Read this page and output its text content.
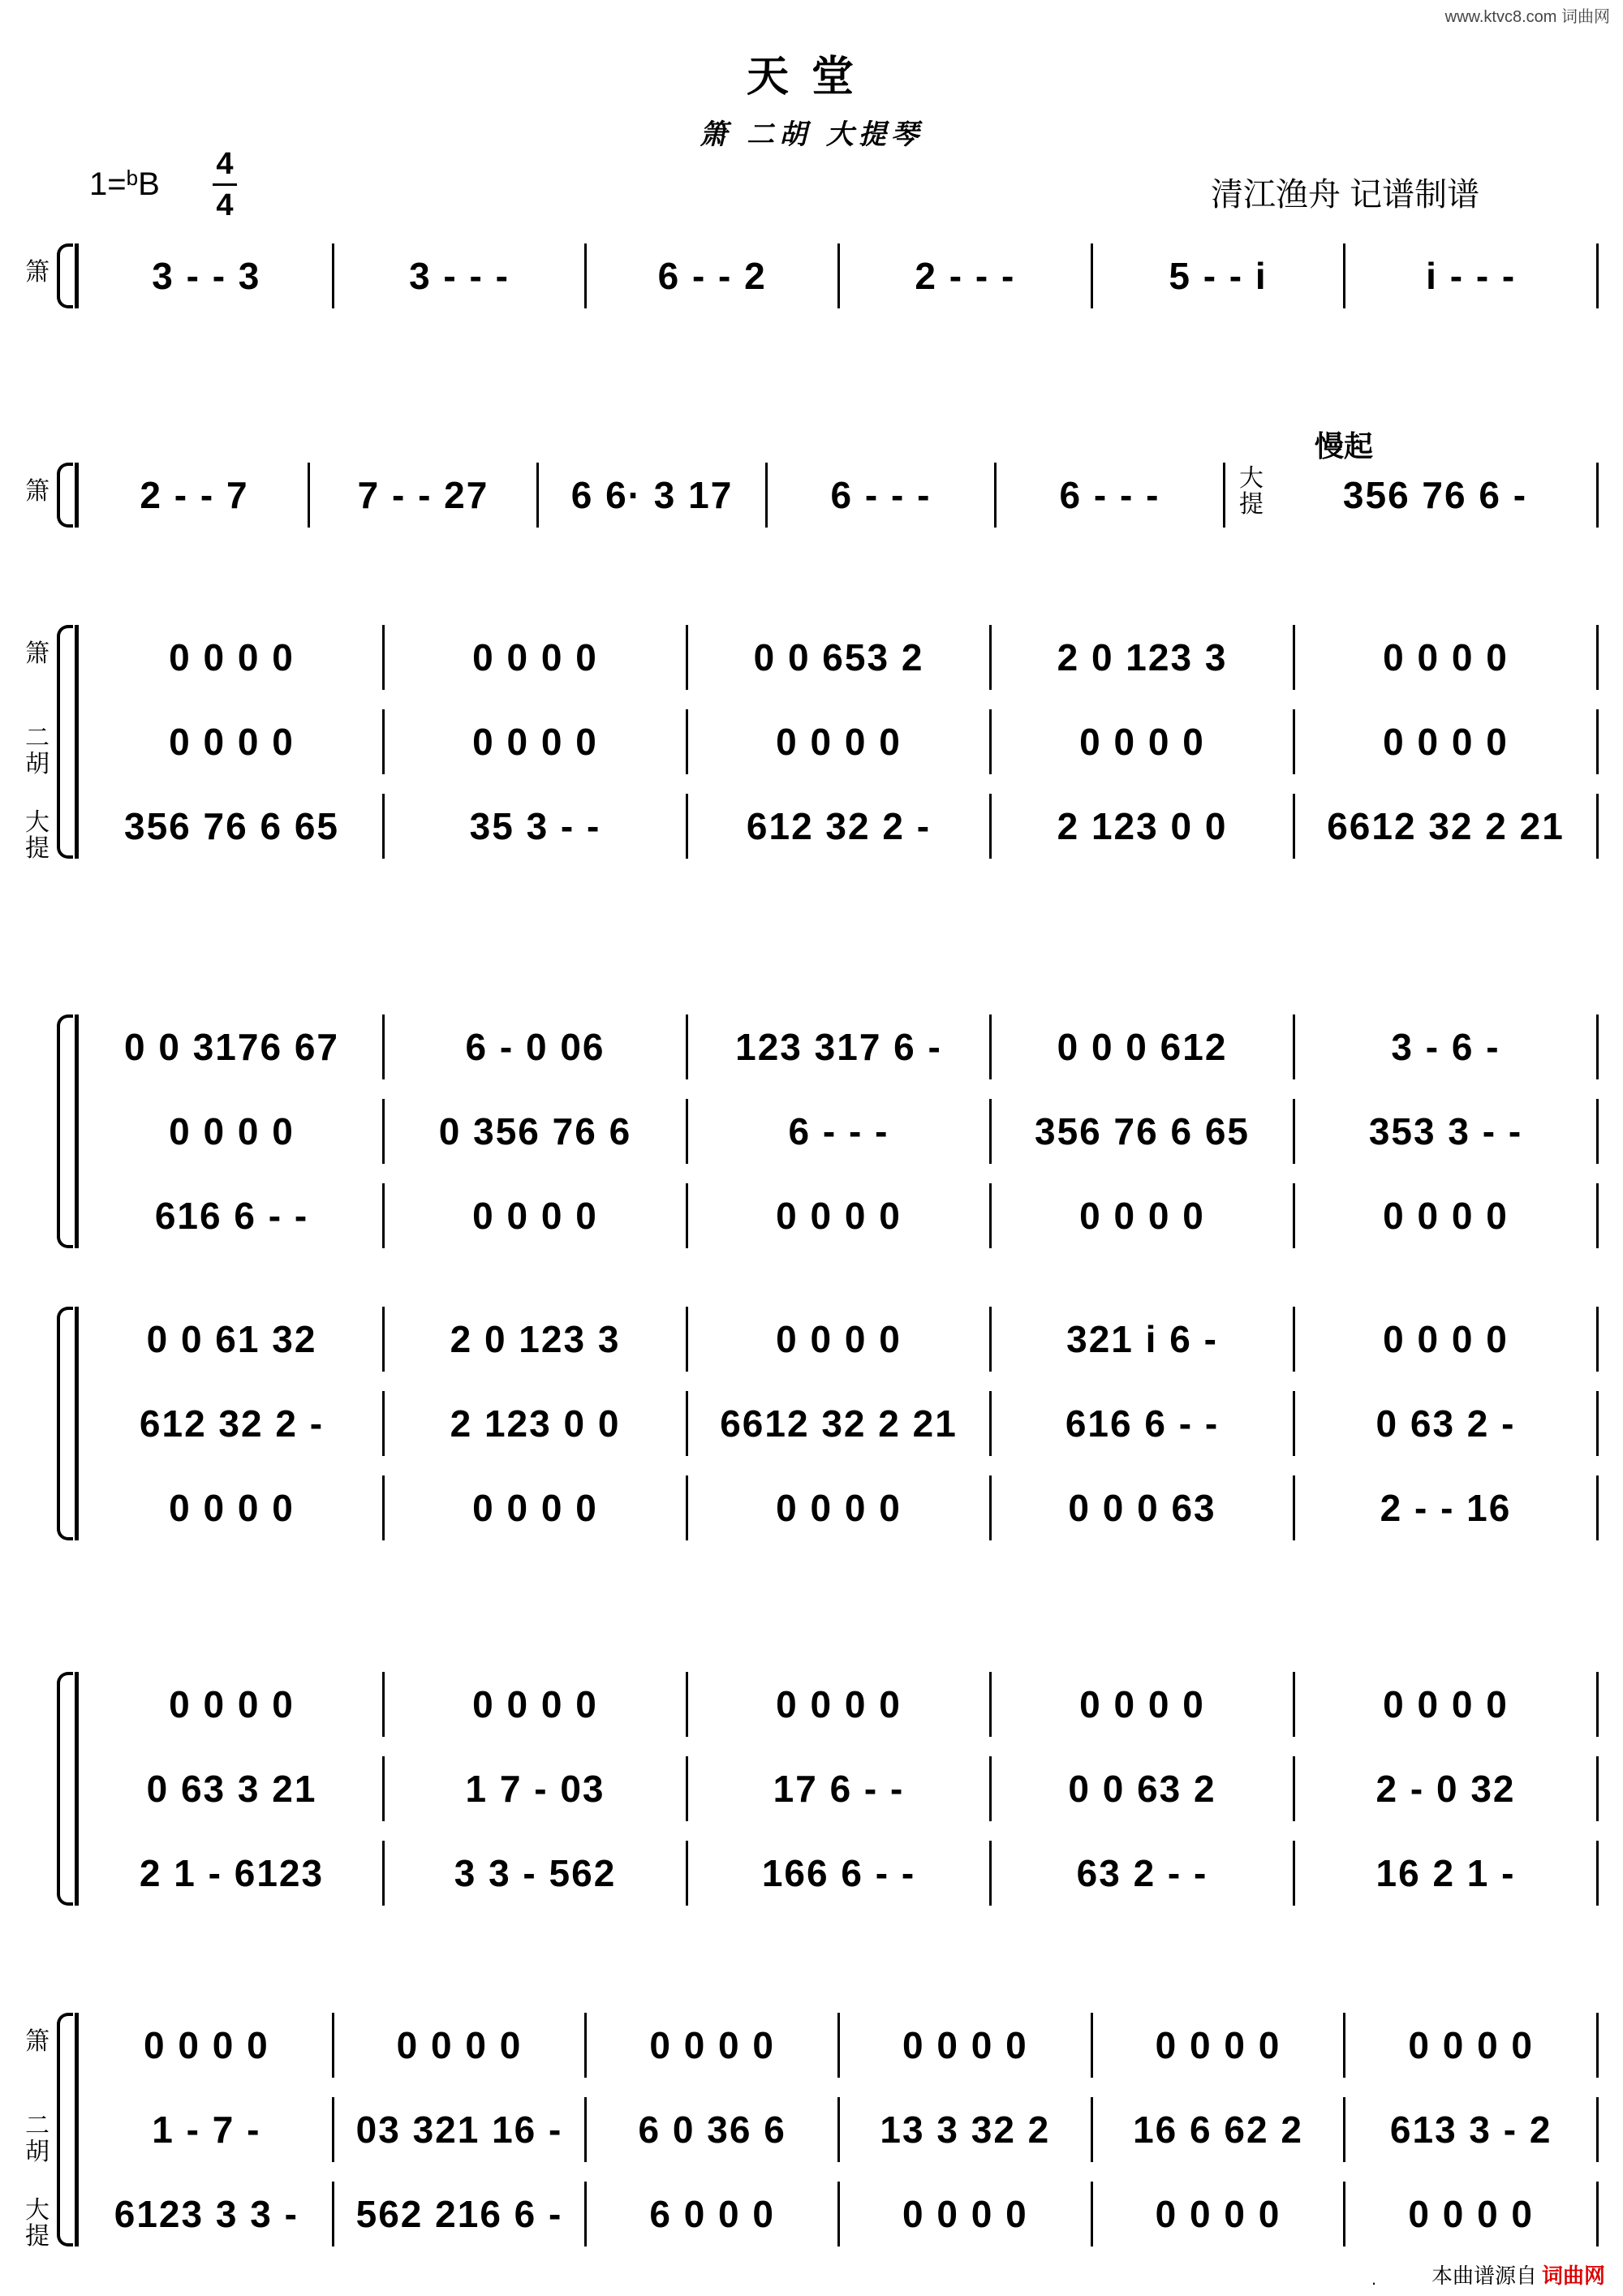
www.ktvc8.com 词曲网
天堂
箫 二胡 大提琴
1=$^b$B
4
4	清江渔舟 记谱制谱
箫	3 - - 3	3 - - -	6 - - 2	2 - - -	5 - - i	i - - -
箫	2 - - 7	7 - - 27	6 6· 3 17	6 - - -	6 - - -	大提	356 76 6 -
慢起
箫	0 0 0 0	0 0 0 0	0 0 653 2	2 0 123 3	0 0 0 0
二胡
0 0 0 0	0 0 0 0	0 0 0 0	0 0 0 0	0 0 0 0
大提
356 76 6 65	35 3 - -	612 32 2 -	2 123 0 0	6612 32 2 21
0 0 3176 67	6 - 0 06	123 317 6 -	0 0 0 612	3 - 6 -
0 0 0 0	0 356 76 6	6 - - -	356 76 6 65	353 3 - -
616 6 - -	0 0 0 0	0 0 0 0	0 0 0 0	0 0 0 0
0 0 61 32	2 0 123 3	0 0 0 0	321 i 6 -	0 0 0 0
612 32 2 -	2 123 0 0	6612 32 2 21	616 6 - -	0 63 2 -
0 0 0 0	0 0 0 0	0 0 0 0	0 0 0 63	2 - - 16
0 0 0 0	0 0 0 0	0 0 0 0	0 0 0 0	0 0 0 0
0 63 3 21	1 7 - 03	17 6 - -	0 0 63 2	2 - 0 32
2 1 - 6123	3 3 - 562	166 6 - -	63 2 - -	16 2 1 -
箫	0 0 0 0	0 0 0 0	0 0 0 0	0 0 0 0	0 0 0 0	0 0 0 0
二胡
1 - 7 -	03 321 16 -	6 0 36 6	13 3 32 2	16 6 62 2	613 3 - 2
大提
6123 3 3 -	562 216 6 -	6 0 0 0	0 0 0 0	0 0 0 0	0 0 0 0
.	本曲谱源自 词曲网
